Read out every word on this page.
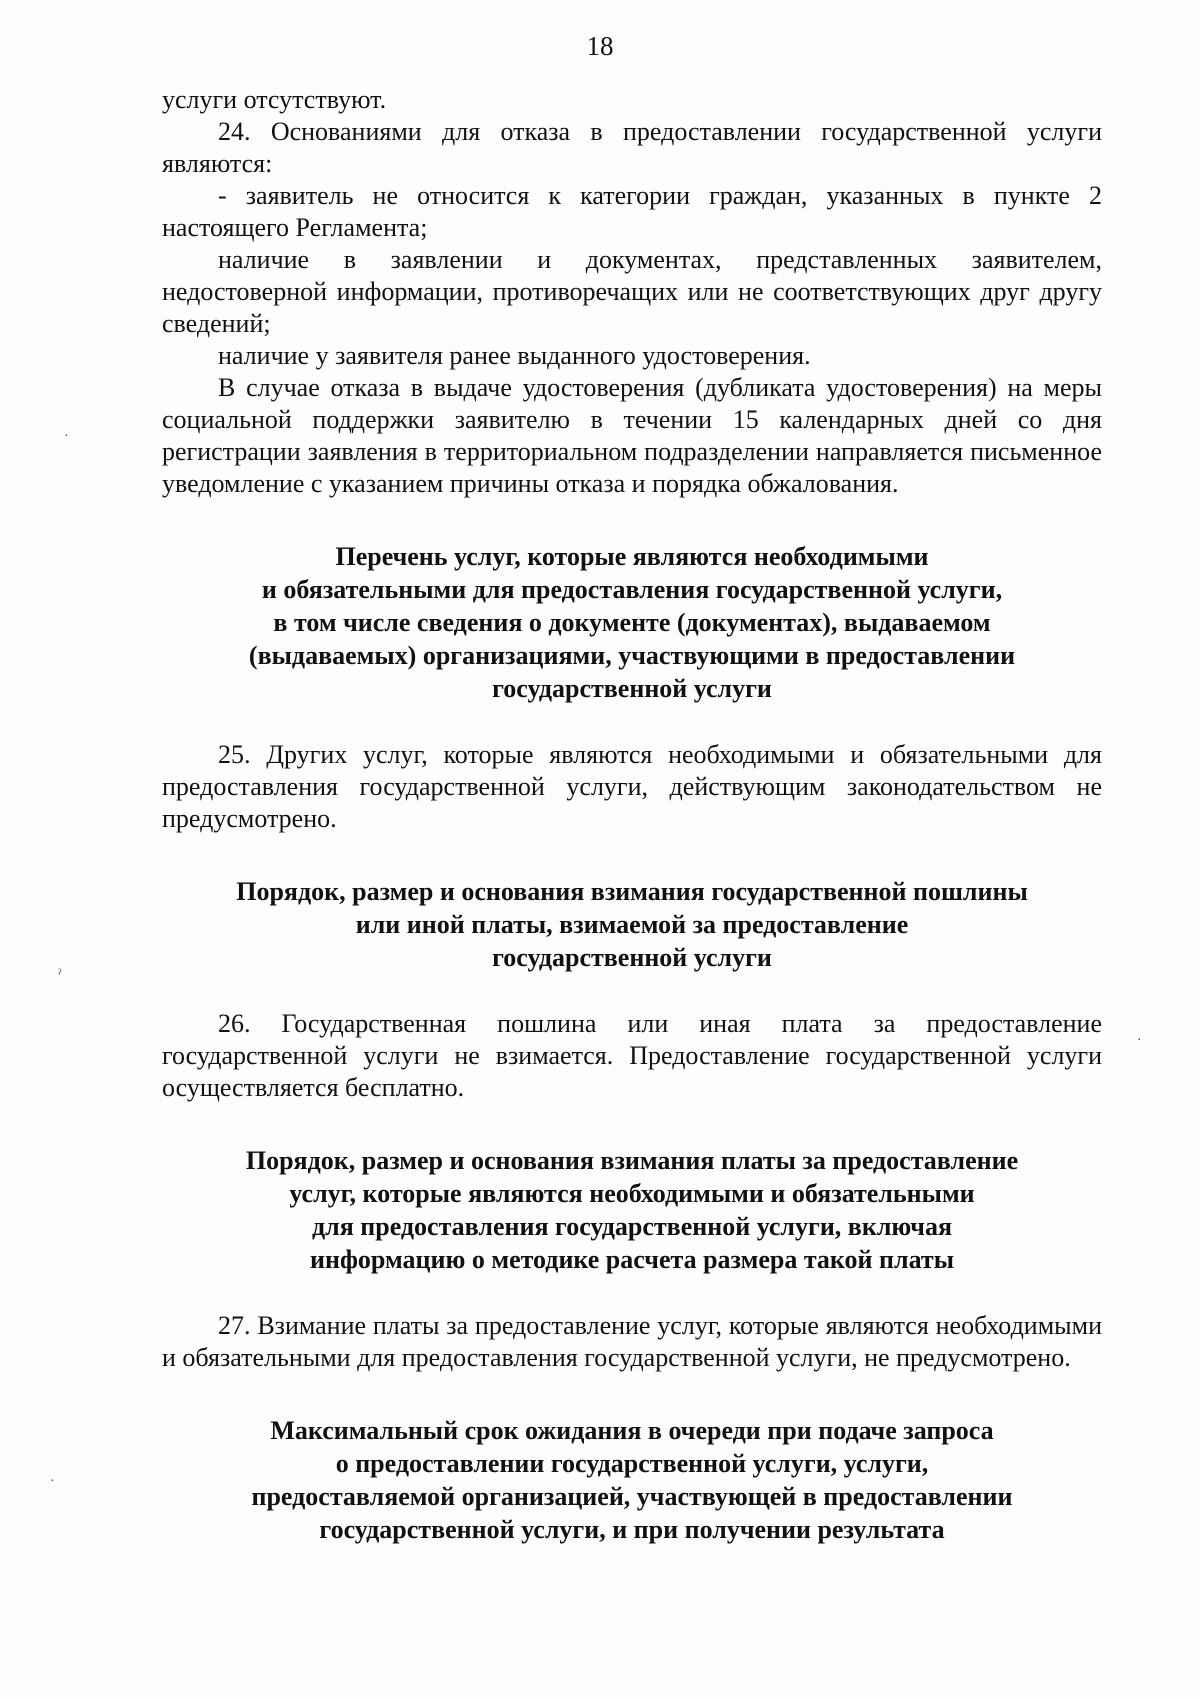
18

услуги отсутствуют.

24. Основаниями для отказа в предоставлении государственной услуги являются:

- заявитель не относится к категории граждан, указанных в пункте 2 настоящего Регламента;

наличие в заявлении и документах, представленных заявителем, недостоверной информации, противоречащих или не соответствующих друг другу сведений;

наличие у заявителя ранее выданного удостоверения.

В случае отказа в выдаче удостоверения (дубликата удостоверения) на меры социальной поддержки заявителю в течении 15 календарных дней со дня регистрации заявления в территориальном подразделении направляется письменное уведомление с указанием причины отказа и порядка обжалования.

Перечень услуг, которые являются необходимыми
и обязательными для предоставления государственной услуги,
в том числе сведения о документе (документах), выдаваемом
(выдаваемых) организациями, участвующими в предоставлении
государственной услуги

25. Других услуг, которые являются необходимыми и обязательными для предоставления государственной услуги, действующим законодательством не предусмотрено.

Порядок, размер и основания взимания государственной пошлины
или иной платы, взимаемой за предоставление
государственной услуги

26. Государственная пошлина или иная плата за предоставление государственной услуги не взимается. Предоставление государственной услуги осуществляется бесплатно.

Порядок, размер и основания взимания платы за предоставление
услуг, которые являются необходимыми и обязательными
для предоставления государственной услуги, включая
информацию о методике расчета размера такой платы

27. Взимание платы за предоставление услуг, которые являются необходимыми и обязательными для предоставления государственной услуги, не предусмотрено.

Максимальный срок ожидания в очереди при подаче запроса
о предоставлении государственной услуги, услуги,
предоставляемой организацией, участвующей в предоставлении
государственной услуги, и при получении результата
·
ˀ
·
·
